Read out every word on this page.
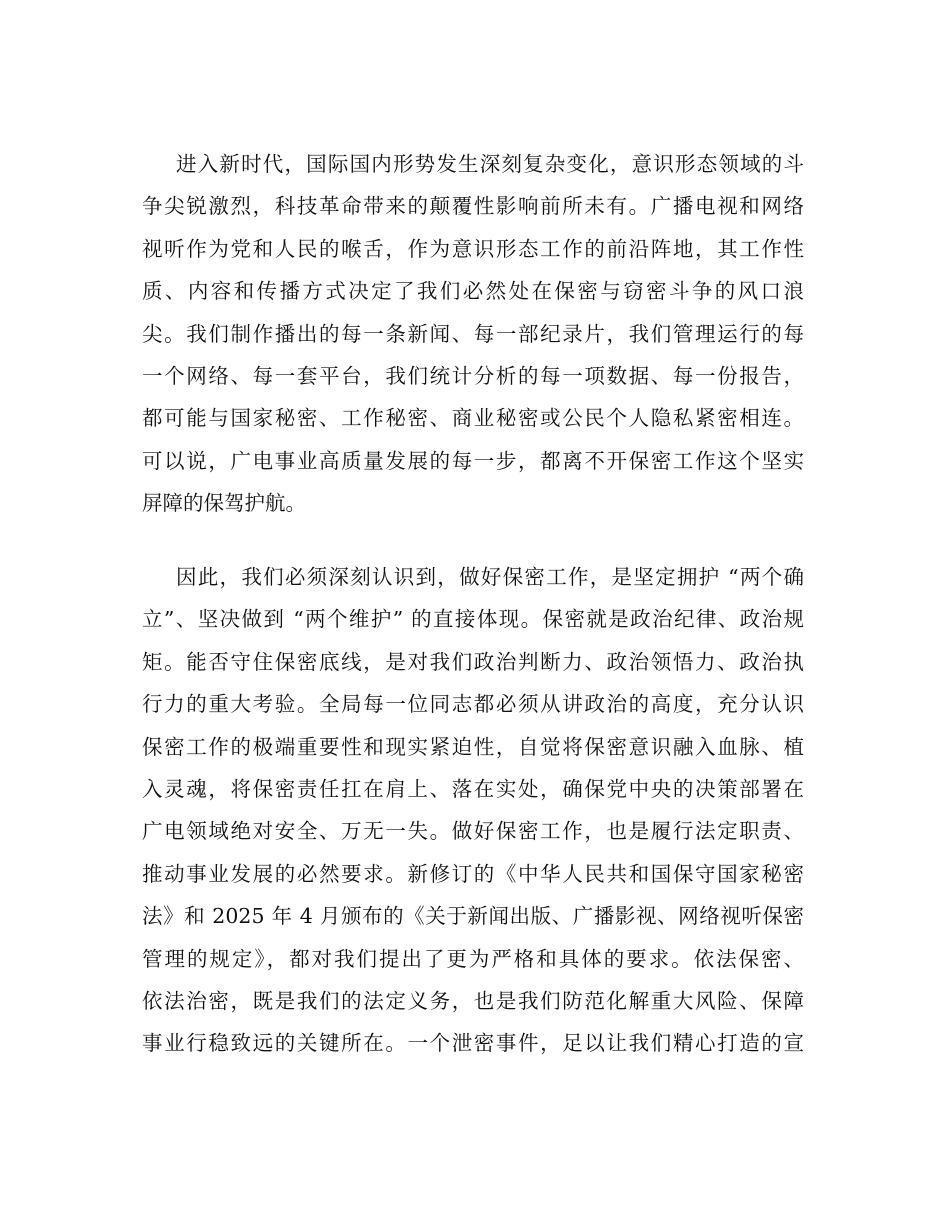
进入新时代，国际国内形势发生深刻复杂变化，意识形态领域的斗
争尖锐激烈，科技革命带来的颠覆性影响前所未有。广播电视和网络
视听作为党和人民的喉舌，作为意识形态工作的前沿阵地，其工作性
质、内容和传播方式决定了我们必然处在保密与窃密斗争的风口浪
尖。我们制作播出的每一条新闻、每一部纪录片，我们管理运行的每
一个网络、每一套平台，我们统计分析的每一项数据、每一份报告，
都可能与国家秘密、工作秘密、商业秘密或公民个人隐私紧密相连。
可以说，广电事业高质量发展的每一步，都离不开保密工作这个坚实
屏障的保驾护航。
因此，我们必须深刻认识到，做好保密工作，是坚定拥护 “两个确
立”、坚决做到 “两个维护” 的直接体现。保密就是政治纪律、政治规
矩。能否守住保密底线，是对我们政治判断力、政治领悟力、政治执
行力的重大考验。全局每一位同志都必须从讲政治的高度，充分认识
保密工作的极端重要性和现实紧迫性，自觉将保密意识融入血脉、植
入灵魂，将保密责任扛在肩上、落在实处，确保党中央的决策部署在
广电领域绝对安全、万无一失。做好保密工作，也是履行法定职责、
推动事业发展的必然要求。新修订的《中华人民共和国保守国家秘密
法》和 2025 年 4 月颁布的《关于新闻出版、广播影视、网络视听保密
管理的规定》，都对我们提出了更为严格和具体的要求。依法保密、
依法治密，既是我们的法定义务，也是我们防范化解重大风险、保障
事业行稳致远的关键所在。一个泄密事件，足以让我们精心打造的宣
